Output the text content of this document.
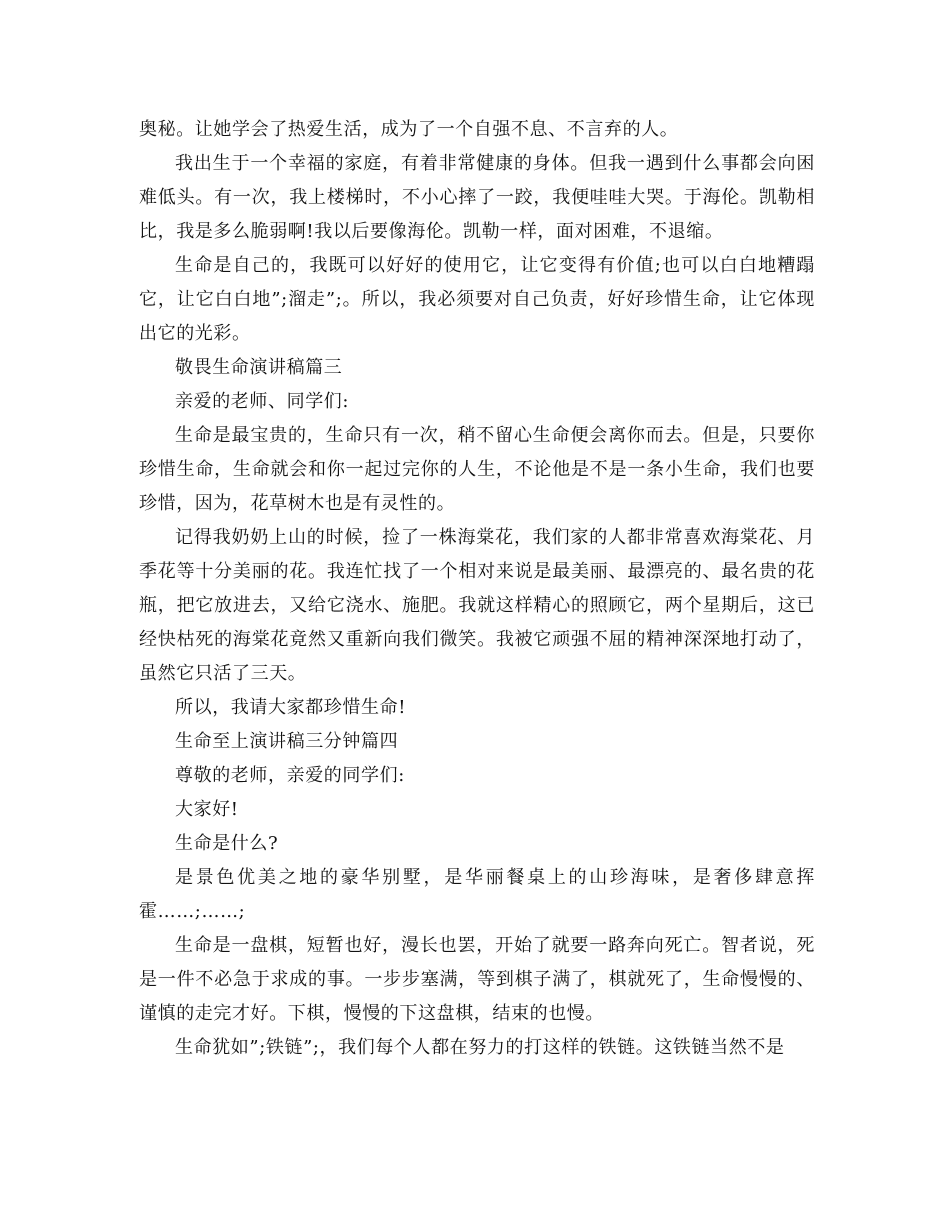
奥秘。让她学会了热爱生活，成为了一个自强不息、不言弃的人。

我出生于一个幸福的家庭，有着非常健康的身体。但我一遇到什么事都会向困难低头。有一次，我上楼梯时，不小心摔了一跤，我便哇哇大哭。于海伦。凯勒相比，我是多么脆弱啊!我以后要像海伦。凯勒一样，面对困难，不退缩。

生命是自己的，我既可以好好的使用它，让它变得有价值;也可以白白地糟蹋它，让它白白地”;溜走”;。所以，我必须要对自己负责，好好珍惜生命，让它体现出它的光彩。

敬畏生命演讲稿篇三

亲爱的老师、同学们:

生命是最宝贵的，生命只有一次，稍不留心生命便会离你而去。但是，只要你珍惜生命，生命就会和你一起过完你的人生，不论他是不是一条小生命，我们也要珍惜，因为，花草树木也是有灵性的。

记得我奶奶上山的时候，捡了一株海棠花，我们家的人都非常喜欢海棠花、月季花等十分美丽的花。我连忙找了一个相对来说是最美丽、最漂亮的、最名贵的花瓶，把它放进去，又给它浇水、施肥。我就这样精心的照顾它，两个星期后，这已经快枯死的海棠花竟然又重新向我们微笑。我被它顽强不屈的精神深深地打动了，虽然它只活了三天。

所以，我请大家都珍惜生命!

生命至上演讲稿三分钟篇四

尊敬的老师，亲爱的同学们:

大家好!

生命是什么?

是景色优美之地的豪华别墅，是华丽餐桌上的山珍海味，是奢侈肆意挥霍……;……;

生命是一盘棋，短暂也好，漫长也罢，开始了就要一路奔向死亡。智者说，死是一件不必急于求成的事。一步步塞满，等到棋子满了，棋就死了，生命慢慢的、谨慎的走完才好。下棋，慢慢的下这盘棋，结束的也慢。

生命犹如”;铁链”;，我们每个人都在努力的打这样的铁链。这铁链当然不是
